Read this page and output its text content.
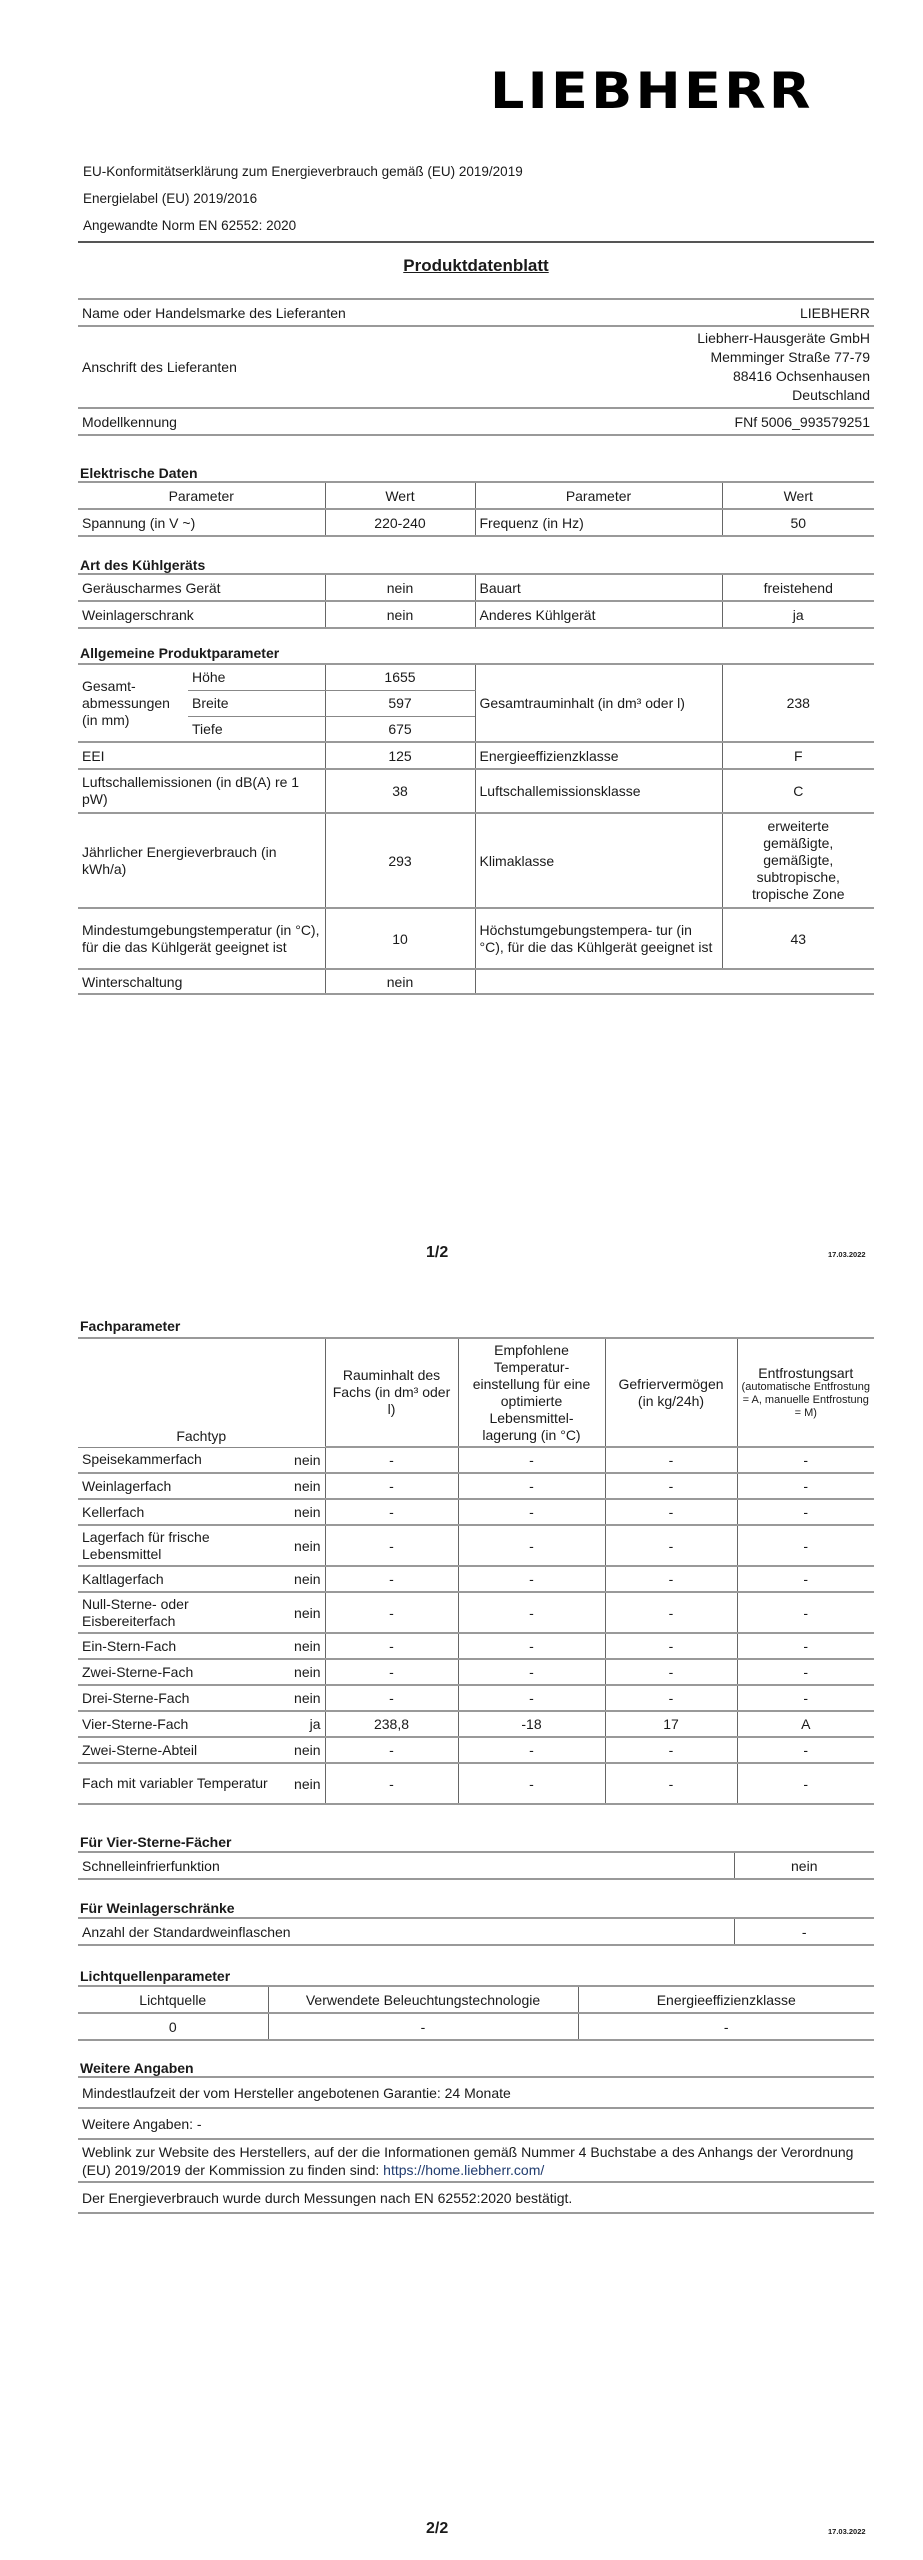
LIEBHERR
EU-Konformitätserklärung zum Energieverbrauch gemäß (EU) 2019/2019
Energielabel (EU) 2019/2016
Angewandte Norm EN 62552: 2020
Produktdatenblatt
Name oder Handelsmarke des Lieferanten	LIEBHERR
Anschrift des Lieferanten	Liebherr-Hausgeräte GmbH
Memminger Straße 77-79
88416 Ochsenhausen
Deutschland

Modellkennung	FNf 5006_993579251
Elektrische Daten
Parameter	Wert	Parameter	Wert
Spannung (in V ~)	220-240	Frequenz (in Hz)	50
Art des Kühlgeräts
Geräuscharmes Gerät	nein	Bauart	freistehend
Weinlagerschrank	nein	Anderes Kühlgerät	ja
Allgemeine Produktparameter
Gesamt- abmessungen (in mm)	Höhe	1655	Gesamtrauminhalt (in dm³ oder l)	238
	Breite	597		
	Tiefe	675		
EEI		125	Energieeffizienzklasse	F
Luftschallemissionen (in dB(A) re 1 pW)		38	Luftschallemissionsklasse	C
Jährlicher Energieverbrauch (in kWh/a)		293	Klimaklasse	erweiterte gemäßigte, gemäßigte, subtropische, tropische Zone
Mindestumgebungstemperatur (in °C), für die das Kühlgerät geeignet ist		10	Höchstumgebungstempera- tur (in °C), für die das Kühlgerät geeignet ist	43
Winterschaltung		nein		
1/2	17.03.2022
Fachparameter
Fachtyp		Rauminhalt des Fachs (in dm³ oder l)	Empfohlene Temperatur- einstellung für eine optimierte Lebensmittel- lagerung (in °C)	Gefriervermögen (in kg/24h)	Entfrostungsart
(automatische Entfrostung = A, manuelle Entfrostung = M)

Speisekammerfach	nein	-	-	-	-
Weinlagerfach	nein	-	-	-	-
Kellerfach	nein	-	-	-	-
Lagerfach für frische Lebensmittel	nein	-	-	-	-
Kaltlagerfach	nein	-	-	-	-
Null-Sterne- oder Eisbereiterfach	nein	-	-	-	-
Ein-Stern-Fach	nein	-	-	-	-
Zwei-Sterne-Fach	nein	-	-	-	-
Drei-Sterne-Fach	nein	-	-	-	-
Vier-Sterne-Fach	ja	238,8	-18	17	A
Zwei-Sterne-Abteil	nein	-	-	-	-
Fach mit variabler Temperatur	nein	-	-	-	-
Für Vier-Sterne-Fächer
Schnelleinfrierfunktion	nein
Für Weinlagerschränke
Anzahl der Standardweinflaschen	-
Lichtquellenparameter
Lichtquelle	Verwendete Beleuchtungstechnologie	Energieeffizienzklasse
0	-	-
Weitere Angaben
Mindestlaufzeit der vom Hersteller angebotenen Garantie: 24 Monate
Weitere Angaben: -
Weblink zur Website des Herstellers, auf der die Informationen gemäß Nummer 4 Buchstabe a des Anhangs der Verordnung (EU) 2019/2019 der Kommission zu finden sind: https://home.liebherr.com/
Der Energieverbrauch wurde durch Messungen nach EN 62552:2020 bestätigt.
2/2	17.03.2022
